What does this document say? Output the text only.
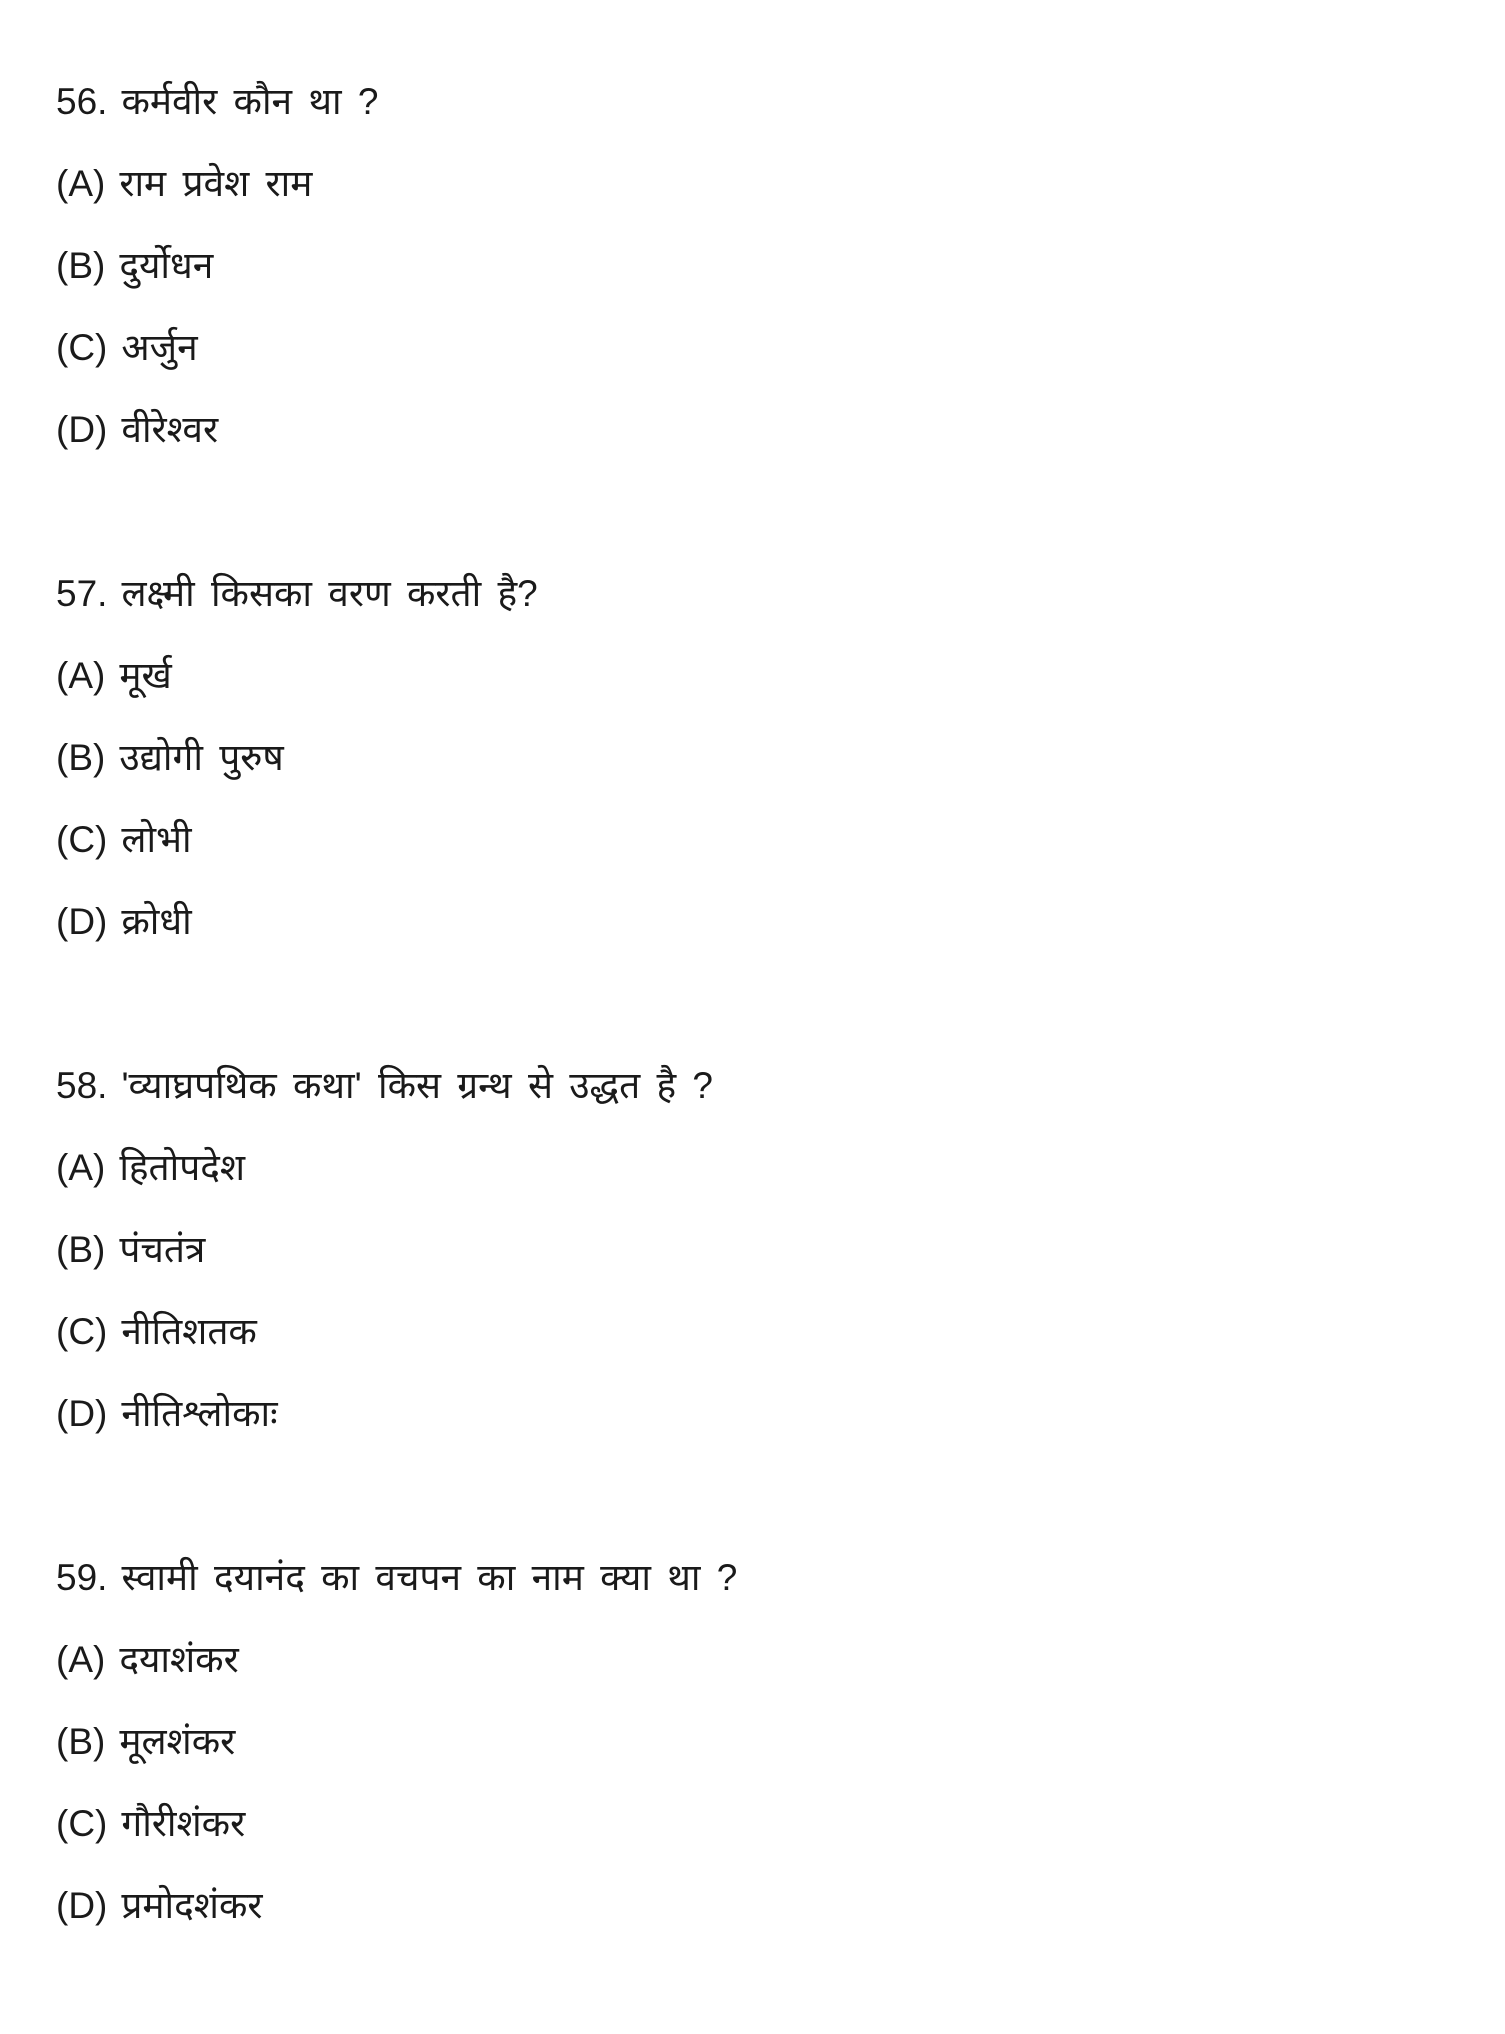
56. कर्मवीर कौन था ?
(A) राम प्रवेश राम
(B) दुर्योधन
(C) अर्जुन
(D) वीरेश्वर
57. लक्ष्मी किसका वरण करती है?
(A) मूर्ख
(B) उद्योगी पुरुष
(C) लोभी
(D) क्रोधी
58. 'व्याघ्रपथिक कथा' किस ग्रन्थ से उद्धत है ?
(A) हितोपदेश
(B) पंचतंत्र
(C) नीतिशतक
(D) नीतिश्लोकाः
59. स्वामी दयानंद का वचपन का नाम क्या था ?
(A) दयाशंकर
(B) मूलशंकर
(C) गौरीशंकर
(D) प्रमोदशंकर
